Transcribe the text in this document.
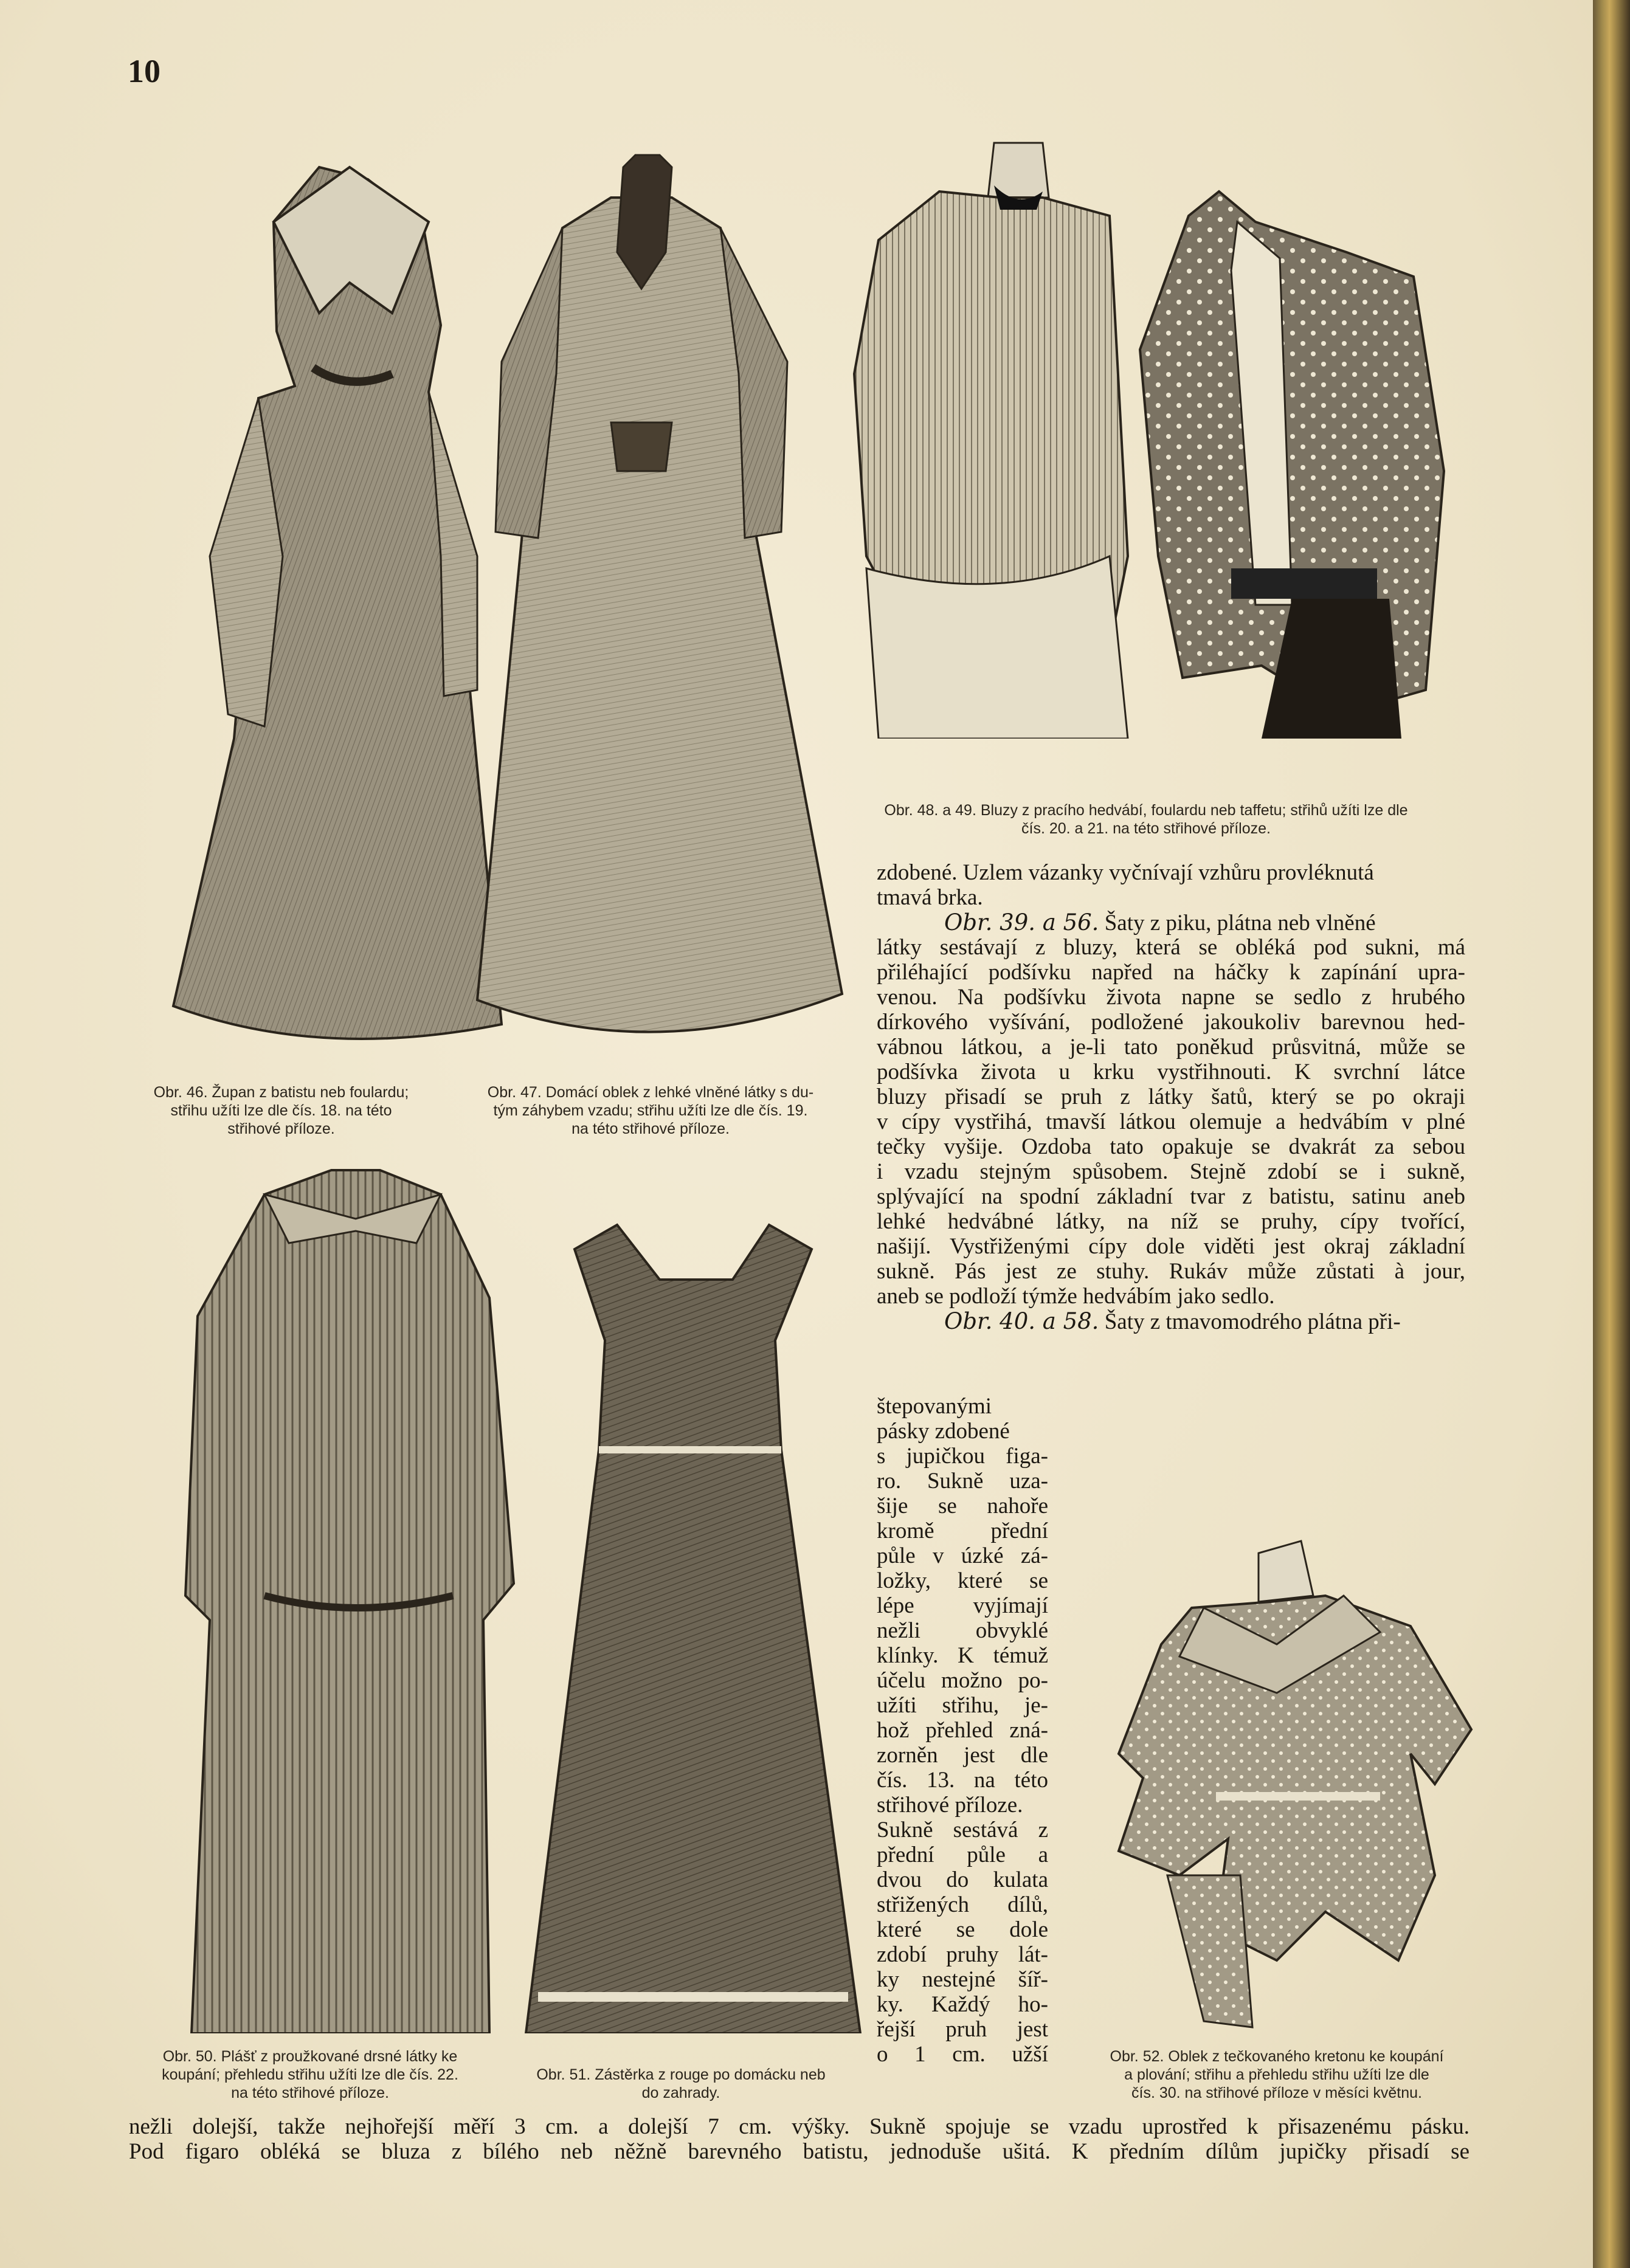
10
Obr. 48. a 49. Bluzy z pracího hedvábí, foulardu neb taffetu; střihů užíti lze dle
čís. 20. a 21. na této střihové příloze.
Obr. 46. Župan z batistu neb foulardu;
střihu užíti lze dle čís. 18. na této
střihové příloze.
Obr. 47. Domácí oblek z lehké vlněné látky s du-
tým záhybem vzadu; střihu užíti lze dle čís. 19.
na této střihové příloze.
Obr. 50. Plášť z proužkované drsné látky ke
koupání; přehledu střihu užíti lze dle čís. 22.
na této střihové příloze.
Obr. 51. Zástěrka z rouge po domácku neb
do zahrady.
Obr. 52. Oblek z tečkovaného kretonu ke koupání
a plování; střihu a přehledu střihu užíti lze dle
čís. 30. na střihové příloze v měsíci květnu.
zdobené. Uzlem vázanky vyčnívají vzhůru provléknutá
tmavá brka.
   Obr. 39. a 56. Šaty z piku, plátna neb vlněné
látky sestávají z bluzy, která se obléká pod sukni, má
přiléhající podšívku napřed na háčky k zapínání upra-
venou. Na podšívku života napne se sedlo z hrubého
dírkového vyšívání, podložené jakoukoliv barevnou hed-
vábnou látkou, a je-li tato poněkud průsvitná, může se
podšívka života u krku vystřihnouti. K svrchní látce
bluzy přisadí se pruh z látky šatů, který se po okraji
v cípy vystřihá, tmavší látkou olemuje a hedvábím v plné
tečky vyšije. Ozdoba tato opakuje se dvakrát za sebou
i vzadu stejným spůsobem. Stejně zdobí se i sukně,
splývající na spodní základní tvar z batistu, satinu aneb
lehké hedvábné látky, na níž se pruhy, cípy tvořící,
našijí. Vystřiženými cípy dole viděti jest okraj základní
sukně. Pás jest ze stuhy. Rukáv může zůstati à jour,
aneb se podloží týmže hedvábím jako sedlo.
   Obr. 40. a 58. Šaty z tmavomodrého plátna při-
štepovanými
pásky zdobené
s jupičkou figa-
ro. Sukně uza-
šije se nahoře
kromě přední
půle v úzké zá-
ložky, které se
lépe vyjímají
nežli obvyklé
klínky. K témuž
účelu možno po-
užíti střihu, je-
hož přehled zná-
zorněn jest dle
čís. 13. na této
střihové příloze.
Sukně sestává z
přední půle a
dvou do kulata
střižených dílů,
které se dole
zdobí pruhy lát-
ky nestejné šíř-
ky. Každý ho-
řejší pruh jest
o 1 cm. užší
nežli dolejší, takže nejhořejší měří 3 cm. a dolejší 7 cm. výšky. Sukně spojuje se vzadu uprostřed k přisazenému pásku.
Pod figaro obléká se bluza z bílého neb něžně barevného batistu, jednoduše ušitá. K předním dílům jupičky přisadí se
